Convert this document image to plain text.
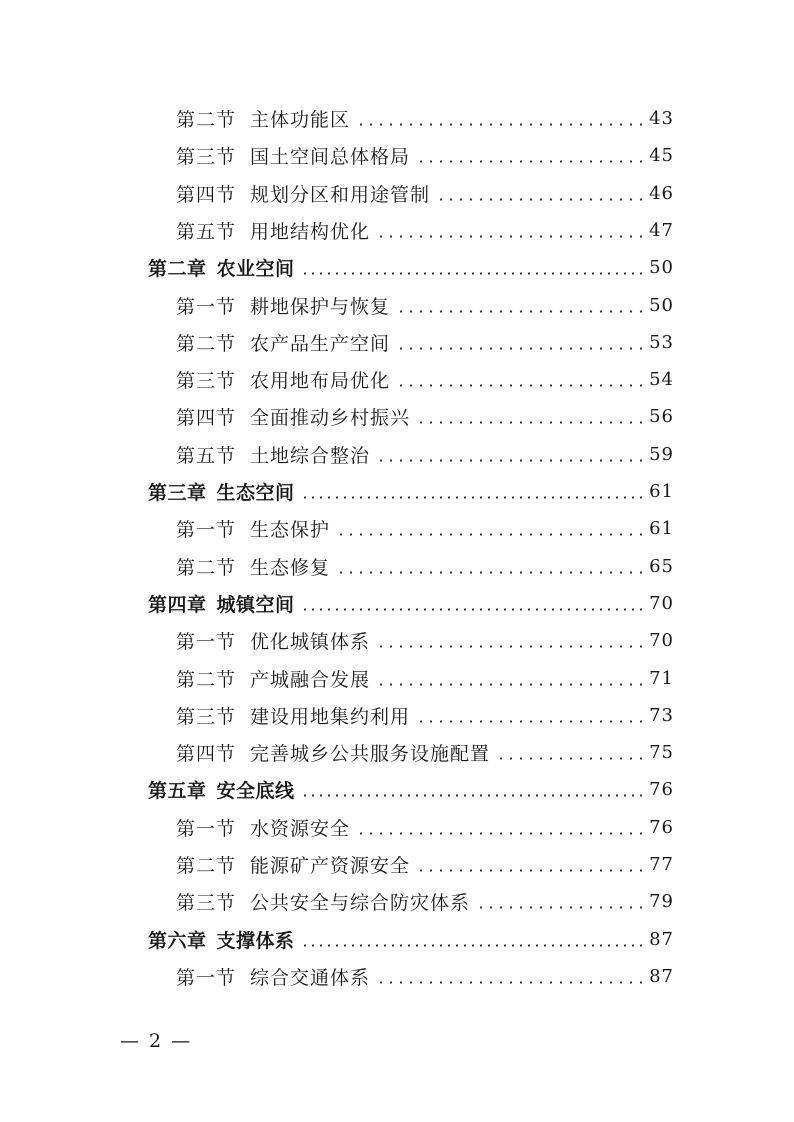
第二节 主体功能区	43
第三节 国土空间总体格局	45
第四节 规划分区和用途管制	46
第五节 用地结构优化	47
第二章 农业空间	50
第一节 耕地保护与恢复	50
第二节 农产品生产空间	53
第三节 农用地布局优化	54
第四节 全面推动乡村振兴	56
第五节 土地综合整治	59
第三章 生态空间	61
第一节 生态保护	61
第二节 生态修复	65
第四章 城镇空间	70
第一节 优化城镇体系	70
第二节 产城融合发展	71
第三节 建设用地集约利用	73
第四节 完善城乡公共服务设施配置	75
第五章 安全底线	76
第一节 水资源安全	76
第二节 能源矿产资源安全	77
第三节 公共安全与综合防灾体系	79
第六章 支撑体系	87
第一节 综合交通体系	87
— 2 —
